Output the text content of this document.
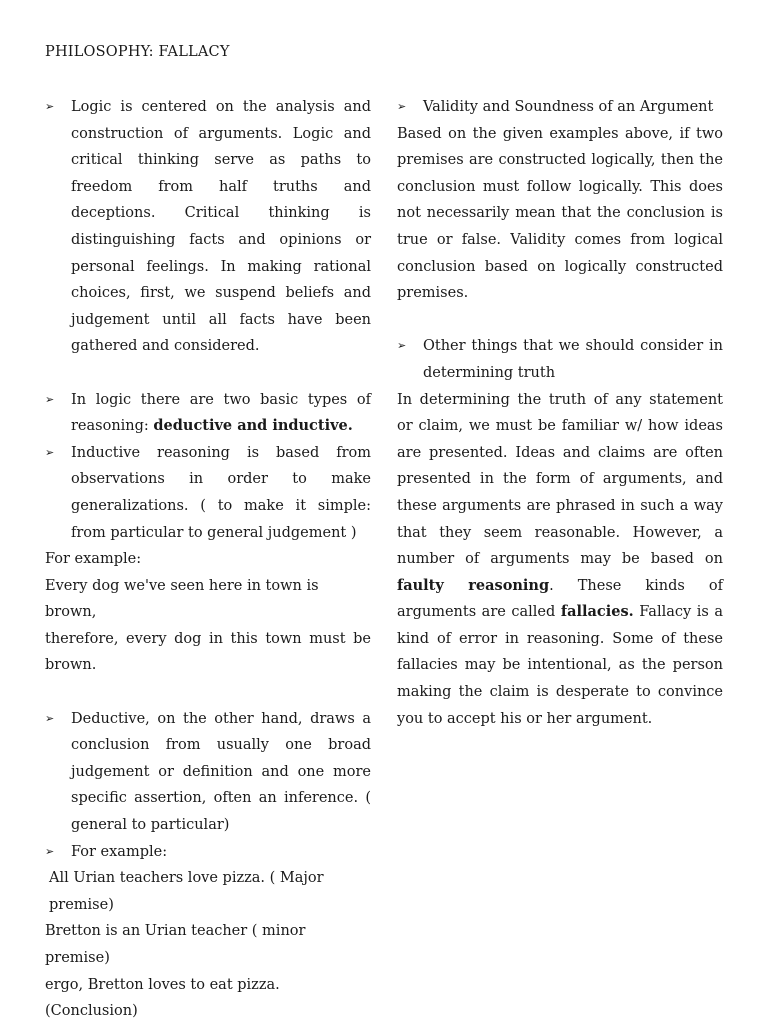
PHILOSOPHY: FALLACY
➢ Logic is centered on the analysis and construction of arguments. Logic and critical thinking serve as paths to freedom from half truths and deceptions. Critical thinking is distinguishing facts and opinions or personal feelings. In making rational choices, first, we suspend beliefs and judgement until all facts have been gathered and considered.
➢ In logic there are two basic types of reasoning: deductive and inductive.
➢ Inductive reasoning is based from observations in order to make generalizations. ( to make it simple: from particular to general judgement )

For example:

Every dog we've seen here in town is brown,

therefore, every dog in this town must be brown.

➢ Deductive, on the other hand, draws a conclusion from usually one broad judgement or definition and one more specific assertion, often an inference. ( general to particular)
➢ For example:

All Urian teachers love pizza. ( Major premise)

Bretton is an Urian teacher ( minor premise)

ergo, Bretton loves to eat pizza. (Conclusion)

➢ Validity and Soundness of an Argument

Based on the given examples above, if two premises are constructed logically, then the conclusion must follow logically. This does not necessarily mean that the conclusion is true or false. Validity comes from logical conclusion based on logically constructed premises.

➢ Other things that we should consider in determining truth

In determining the truth of any statement or claim, we must be familiar w/ how ideas are presented. Ideas and claims are often presented in the form of arguments, and these arguments are phrased in such a way that they seem reasonable. However, a number of arguments may be based on faulty reasoning. These kinds of arguments are called fallacies. Fallacy is a kind of error in reasoning. Some of these fallacies may be intentional, as the person making the claim is desperate to convince you to accept his or her argument.
